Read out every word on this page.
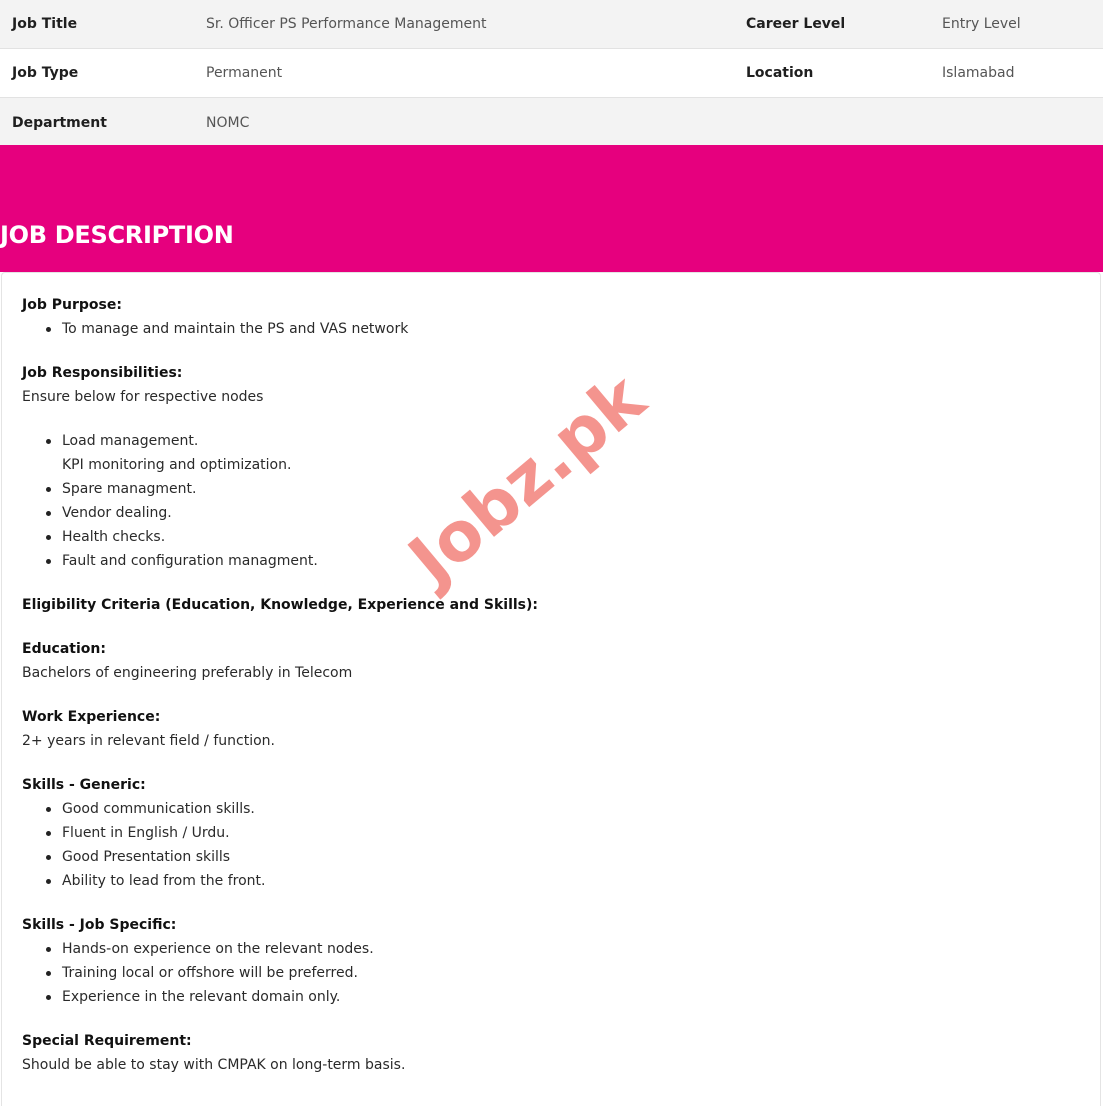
Job Title	Sr. Officer PS Performance Management	Career Level	Entry Level
Job Type	Permanent	Location	Islamabad
Department	NOMC
JOB DESCRIPTION
Job Purpose:
To manage and maintain the PS and VAS network
Job Responsibilities:
Ensure below for respective nodes
Load management.
KPI monitoring and optimization.
Spare managment.
Vendor dealing.
Health checks.
Fault and configuration managment.
Eligibility Criteria (Education, Knowledge, Experience and Skills):
Education:
Bachelors of engineering preferably in Telecom
Work Experience:
2+ years in relevant field / function.
Skills - Generic:
Good communication skills.
Fluent in English / Urdu.
Good Presentation skills
Ability to lead from the front.
Skills - Job Specific:
Hands-on experience on the relevant nodes.
Training local or offshore will be preferred.
Experience in the relevant domain only.
Special Requirement:
Should be able to stay with CMPAK on long-term basis.
Jobz.pk
